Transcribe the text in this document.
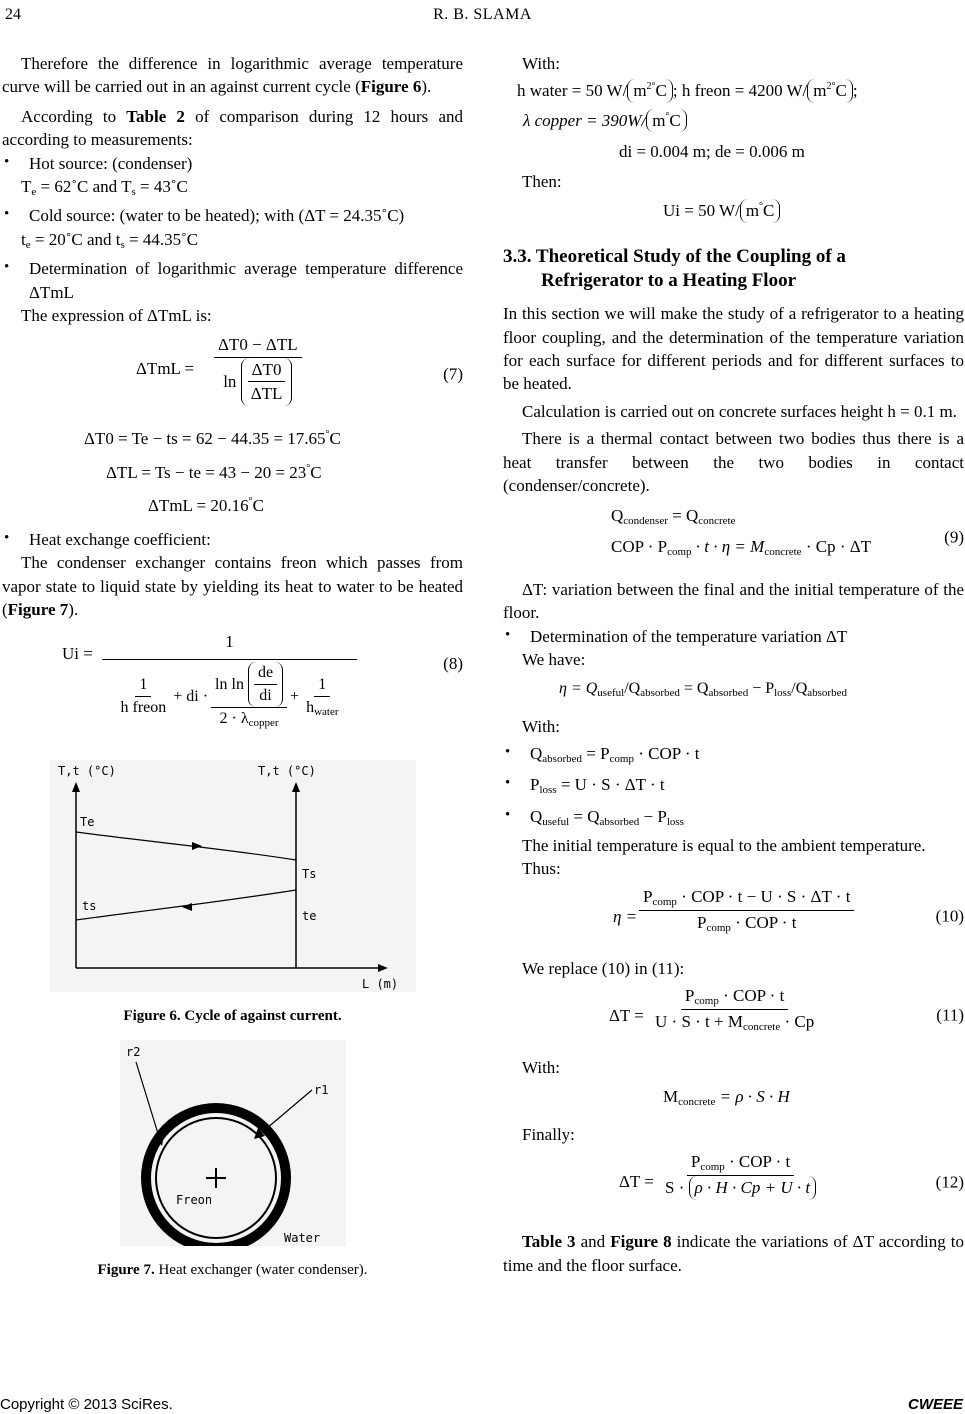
24	R. B. SLAMA

Therefore the difference in logarithmic average temperature curve will be carried out in an against current cycle (Figure 6).

According to Table 2 of comparison during 12 hours and according to measurements:

• Hot source: (condenser)

$T_e$ = 62˚C and $T_s$ = 43˚C

• Cold source: (water to be heated); with (ΔT = 24.35˚C)

$t_e$ = 20˚C and $t_s$ = 44.35˚C

• Determination of logarithmic average temperature difference ΔTmL

The expression of ΔTmL is:

ΔTmL =
ΔT0 − ΔTL
ln
$\frac{\Delta T0}{\text{ΔTL}}$	(7)

ΔT0 = Te − ts = 62 − 44.35 = 17.65°C

ΔTL = Ts − te = 43 − 20 = 23°C

ΔTmL = 20.16°C

• Heat exchange coefficient:

The condenser exchanger contains freon which passes from vapor state to liquid state by yielding its heat to water to be heated (Figure 7).

Ui =
1
$\frac{1}{\text{h freon}}$ + di · ln ln
$\frac{de}{di}$
$2 \cdot \lambda_{copper} + \frac{1}{h_{water}}$
(8)
T,t (°C)	T,t (°C)
Te
ts
Ts
te
L (m)

Figure 6. Cycle of against current.

r2
r1
Freon
Water

Figure 7. Heat exchanger (water condenser).

With:

h water = 50 W/ $m^{2^\circ}C$ ; h freon = 4200 W/ $m^{2^\circ}C$ ;

λ copper = 390W/ m°C

di = 0.004 m; de = 0.006 m

Then:

Ui = 50 W/ m°C

3.3. Theoretical Study of the Coupling of a
Refrigerator to a Heating Floor

In this section we will make the study of a refrigerator to a heating floor coupling, and the determination of the temperature variation for each surface for different periods and for different surfaces to be heated.

Calculation is carried out on concrete surfaces height h = 0.1 m.

There is a thermal contact between two bodies thus there is a heat transfer between the two bodies in contact (condenser/concrete).

$Q_{condenser} = Q_{concrete}$
COP · $P_{comp} \cdot t \cdot \eta = M_{concrete} \cdot Cp \cdot \Delta T$
(9)

ΔT: variation between the final and the initial temperature of the floor.

• Determination of the temperature variation ΔT

We have:

$\eta = Q_{useful}/Q_{absorbed} = Q_{absorbed} - P_{loss}/Q_{absorbed}$

With:

• $Q_{absorbed} = P_{comp}$ · COP · t

• $P_{loss} = U \cdot S \cdot \Delta T \cdot t$

• $Q_{useful} = Q_{absorbed} - P_{loss}$

The initial temperature is equal to the ambient temperature.

Thus:

η =
$P_{comp}$ · COP · t − U · S · ΔT · t
$P_{comp}$ · COP · t	(10)

We replace (10) in (11):

ΔT =
$P_{comp}$ · COP · t
$U \cdot S \cdot t + M_{concrete} \cdot Cp$	(11)

With:

$M_{concrete} = \rho \cdot S \cdot H$

Finally:

ΔT =
$P_{comp}$ · COP · t
S · ρ · H · Cp + U · t	(12)

Table 3 and Figure 8 indicate the variations of ΔT according to time and the floor surface.

Copyright © 2013 SciRes.	CWEEE
